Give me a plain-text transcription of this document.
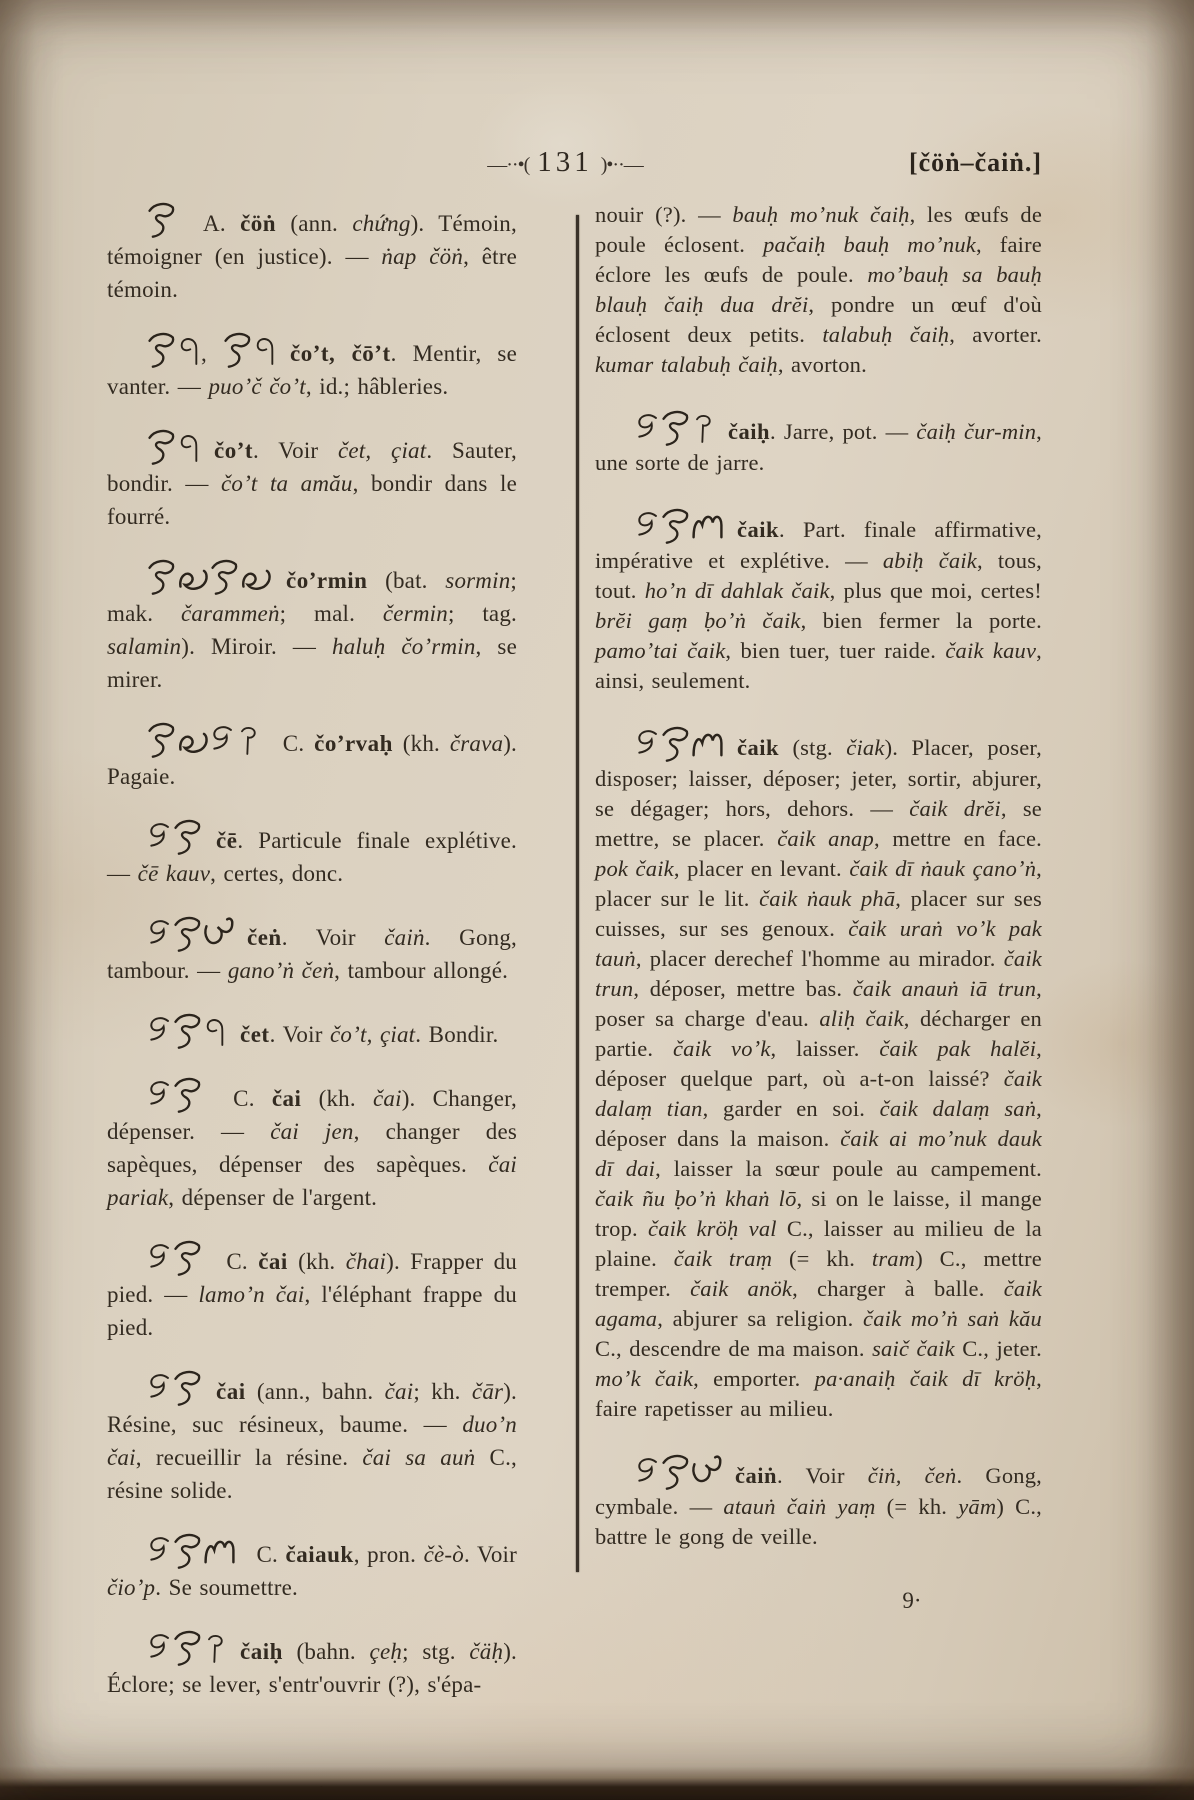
—··•( 131 )•··—	[čöṅ–čaiṅ.]

A. čöṅ (ann. chứng). Témoin, témoigner (en justice). — ṅap čöṅ, être témoin.

,	čoʼt, čōʼt. Mentir, se vanter. — puoʼč čoʼt, id.; hâbleries.

čoʼt. Voir čet, çiat. Sauter, bondir. — čoʼt ta amău, bondir dans le fourré.

čoʼrmin (bat. sormin; mak. čarammeṅ; mal. čermin; tag. salamin). Miroir. — haluḥ čoʼrmin, se mirer.

C. čoʼrvaḥ (kh. črava). Pagaie.

čē. Particule finale explétive. — čē kauv, certes, donc.

čeṅ. Voir čaiṅ. Gong, tambour. — ganoʼṅ čeṅ, tambour allongé.

čet. Voir čoʼt, çiat. Bondir.

C. čai (kh. čai). Changer, dépenser. — čai jen, changer des sapèques, dépenser des sapèques. čai pariak, dépenser de l'argent.

C. čai (kh. čhai). Frapper du pied. — lamoʼn čai, l'éléphant frappe du pied.

čai (ann., bahn. čai; kh. čār). Résine, suc résineux, baume. — duoʼn čai, recueillir la résine. čai sa auṅ C., résine solide.

C. čaiauk, pron. čè-ò. Voir čioʼp. Se soumettre.

čaiḥ (bahn. çeḥ; stg. čäḥ). Éclore; se lever, s'entr'ouvrir (?), s'épa-

nouir (?). — bauḥ moʼnuk čaiḥ, les œufs de poule éclosent. pačaiḥ bauḥ moʼnuk, faire éclore les œufs de poule. moʼbauḥ sa bauḥ blauḥ čaiḥ dua drĕi, pondre un œuf d'où éclosent deux petits. talabuḥ čaiḥ, avorter. kumar talabuḥ čaiḥ, avorton.

čaiḥ. Jarre, pot. — čaiḥ čur-min, une sorte de jarre.

čaik. Part. finale affirmative, impérative et explétive. — abiḥ čaik, tous, tout. hoʼn dī dahlak čaik, plus que moi, certes! brĕi gaṃ ḅoʼṅ čaik, bien fermer la porte. pamoʼtai čaik, bien tuer, tuer raide. čaik kauv, ainsi, seulement.

čaik (stg. čiak). Placer, poser, disposer; laisser, déposer; jeter, sortir, abjurer, se dégager; hors, dehors. — čaik drĕi, se mettre, se placer. čaik anap, mettre en face. pok čaik, placer en levant. čaik dī ṅauk çanoʼṅ, placer sur le lit. čaik ṅauk phā, placer sur ses cuisses, sur ses genoux. čaik uraṅ voʼk pak tauṅ, placer derechef l'homme au mirador. čaik trun, déposer, mettre bas. čaik anauṅ iā trun, poser sa charge d'eau. aliḥ čaik, décharger en partie. čaik voʼk, laisser. čaik pak halĕi, déposer quelque part, où a-t-on laissé? čaik dalaṃ tian, garder en soi. čaik dalaṃ saṅ, déposer dans la maison. čaik ai moʼnuk dauk dī dai, laisser la sœur poule au campement. čaik ñu ḅoʼṅ khaṅ lō, si on le laisse, il mange trop. čaik kröḥ val C., laisser au milieu de la plaine. čaik traṃ (= kh. tram) C., mettre tremper. čaik anök, charger à balle. čaik agama, abjurer sa religion. čaik moʼṅ saṅ kău C., descendre de ma maison. saič čaik C., jeter. moʼk čaik, emporter. pa·anaiḥ čaik dī kröḥ, faire rapetisser au milieu.

čaiṅ. Voir čiṅ, čeṅ. Gong, cymbale. — atauṅ čaiṅ yaṃ (= kh. yām) C., battre le gong de veille.

9·
